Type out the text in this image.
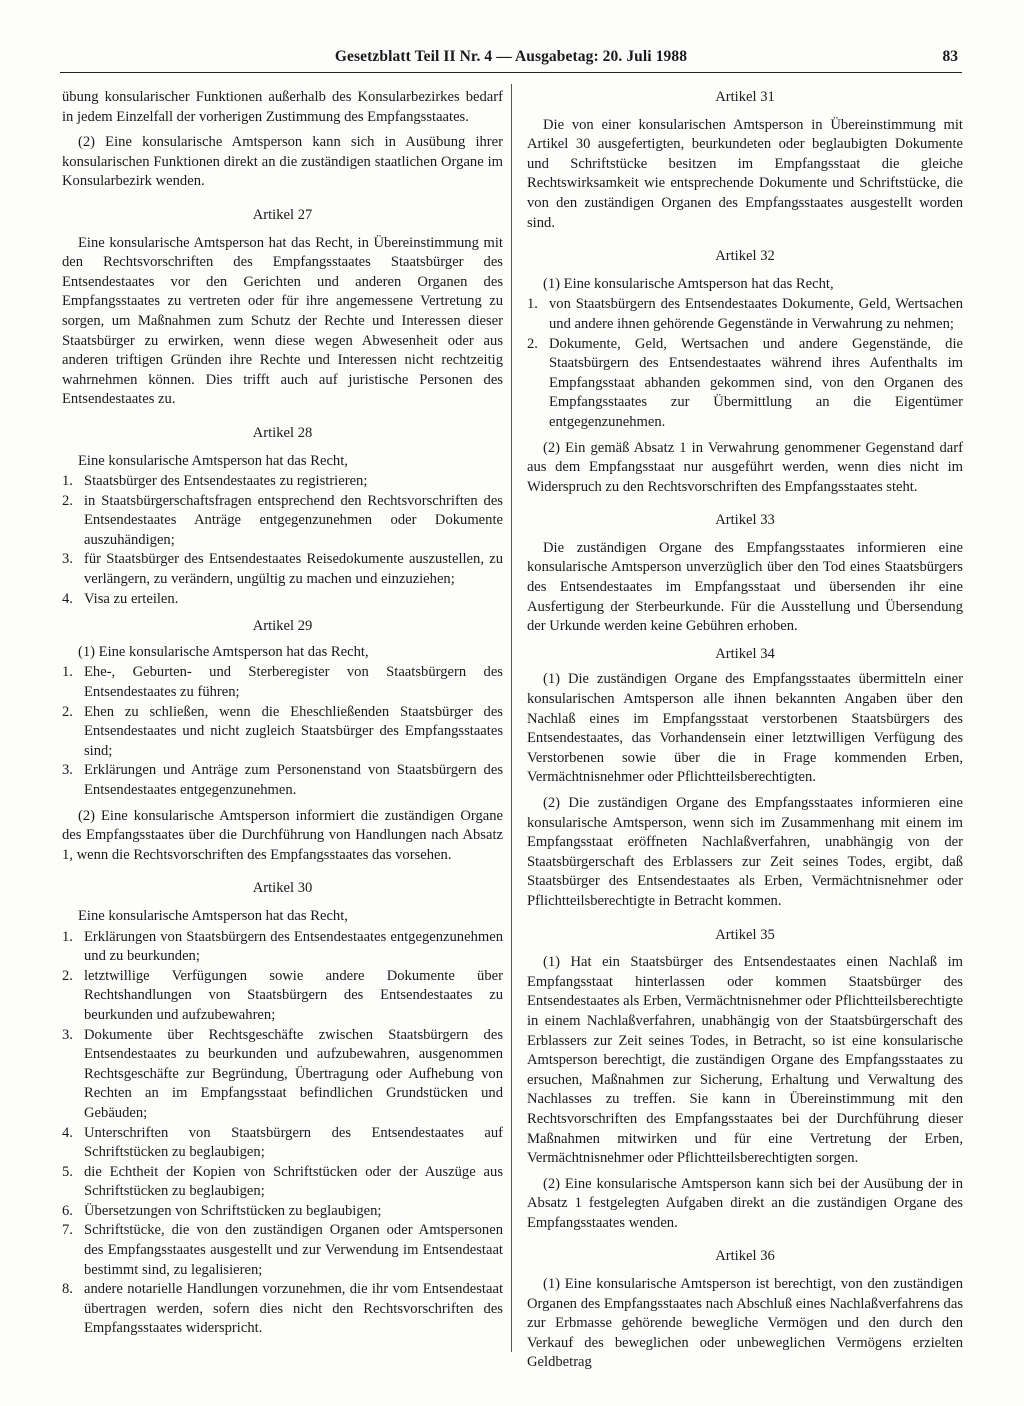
Gesetzblatt Teil II Nr. 4 — Ausgabetag: 20. Juli 1988	83

übung konsularischer Funktionen außerhalb des Konsularbezirkes bedarf in jedem Einzelfall der vorherigen Zustimmung des Empfangsstaates.

(2) Eine konsularische Amtsperson kann sich in Ausübung ihrer konsularischen Funktionen direkt an die zuständigen staatlichen Organe im Konsularbezirk wenden.

Artikel 27

Eine konsularische Amtsperson hat das Recht, in Übereinstimmung mit den Rechtsvorschriften des Empfangsstaates Staatsbürger des Entsendestaates vor den Gerichten und anderen Organen des Empfangsstaates zu vertreten oder für ihre angemessene Vertretung zu sorgen, um Maßnahmen zum Schutz der Rechte und Interessen dieser Staatsbürger zu erwirken, wenn diese wegen Abwesenheit oder aus anderen triftigen Gründen ihre Rechte und Interessen nicht rechtzeitig wahrnehmen können. Dies trifft auch auf juristische Personen des Entsendestaates zu.

Artikel 28

Eine konsularische Amtsperson hat das Recht,

1. Staatsbürger des Entsendestaates zu registrieren;
2. in Staatsbürgerschaftsfragen entsprechend den Rechtsvorschriften des Entsendestaates Anträge entgegenzunehmen oder Dokumente auszuhändigen;
3. für Staatsbürger des Entsendestaates Reisedokumente auszustellen, zu verlängern, zu verändern, ungültig zu machen und einzuziehen;
4. Visa zu erteilen.

Artikel 29

(1) Eine konsularische Amtsperson hat das Recht,

1. Ehe-, Geburten- und Sterberegister von Staatsbürgern des Entsendestaates zu führen;
2. Ehen zu schließen, wenn die Eheschließenden Staatsbürger des Entsendestaates und nicht zugleich Staatsbürger des Empfangsstaates sind;
3. Erklärungen und Anträge zum Personenstand von Staatsbürgern des Entsendestaates entgegenzunehmen.

(2) Eine konsularische Amtsperson informiert die zuständigen Organe des Empfangsstaates über die Durchführung von Handlungen nach Absatz 1, wenn die Rechtsvorschriften des Empfangsstaates das vorsehen.

Artikel 30

Eine konsularische Amtsperson hat das Recht,

1. Erklärungen von Staatsbürgern des Entsendestaates entgegenzunehmen und zu beurkunden;
2. letztwillige Verfügungen sowie andere Dokumente über Rechtshandlungen von Staatsbürgern des Entsendestaates zu beurkunden und aufzubewahren;
3. Dokumente über Rechtsgeschäfte zwischen Staatsbürgern des Entsendestaates zu beurkunden und aufzubewahren, ausgenommen Rechtsgeschäfte zur Begründung, Übertragung oder Aufhebung von Rechten an im Empfangsstaat befindlichen Grundstücken und Gebäuden;
4. Unterschriften von Staatsbürgern des Entsendestaates auf Schriftstücken zu beglaubigen;
5. die Echtheit der Kopien von Schriftstücken oder der Auszüge aus Schriftstücken zu beglaubigen;
6. Übersetzungen von Schriftstücken zu beglaubigen;
7. Schriftstücke, die von den zuständigen Organen oder Amtspersonen des Empfangsstaates ausgestellt und zur Verwendung im Entsendestaat bestimmt sind, zu legalisieren;
8. andere notarielle Handlungen vorzunehmen, die ihr vom Entsendestaat übertragen werden, sofern dies nicht den Rechtsvorschriften des Empfangsstaates widerspricht.

Artikel 31

Die von einer konsularischen Amtsperson in Übereinstimmung mit Artikel 30 ausgefertigten, beurkundeten oder beglaubigten Dokumente und Schriftstücke besitzen im Empfangsstaat die gleiche Rechtswirksamkeit wie entsprechende Dokumente und Schriftstücke, die von den zuständigen Organen des Empfangsstaates ausgestellt worden sind.

Artikel 32

(1) Eine konsularische Amtsperson hat das Recht,

1. von Staatsbürgern des Entsendestaates Dokumente, Geld, Wertsachen und andere ihnen gehörende Gegenstände in Verwahrung zu nehmen;
2. Dokumente, Geld, Wertsachen und andere Gegenstände, die Staatsbürgern des Entsendestaates während ihres Aufenthalts im Empfangsstaat abhanden gekommen sind, von den Organen des Empfangsstaates zur Übermittlung an die Eigentümer entgegenzunehmen.

(2) Ein gemäß Absatz 1 in Verwahrung genommener Gegenstand darf aus dem Empfangsstaat nur ausgeführt werden, wenn dies nicht im Widerspruch zu den Rechtsvorschriften des Empfangsstaates steht.

Artikel 33

Die zuständigen Organe des Empfangsstaates informieren eine konsularische Amtsperson unverzüglich über den Tod eines Staatsbürgers des Entsendestaates im Empfangsstaat und übersenden ihr eine Ausfertigung der Sterbeurkunde. Für die Ausstellung und Übersendung der Urkunde werden keine Gebühren erhoben.

Artikel 34

(1) Die zuständigen Organe des Empfangsstaates übermitteln einer konsularischen Amtsperson alle ihnen bekannten Angaben über den Nachlaß eines im Empfangsstaat verstorbenen Staatsbürgers des Entsendestaates, das Vorhandensein einer letztwilligen Verfügung des Verstorbenen sowie über die in Frage kommenden Erben, Vermächtnisnehmer oder Pflichtteilsberechtigten.

(2) Die zuständigen Organe des Empfangsstaates informieren eine konsularische Amtsperson, wenn sich im Zusammenhang mit einem im Empfangsstaat eröffneten Nachlaßverfahren, unabhängig von der Staatsbürgerschaft des Erblassers zur Zeit seines Todes, ergibt, daß Staatsbürger des Entsendestaates als Erben, Vermächtnisnehmer oder Pflichtteilsberechtigte in Betracht kommen.

Artikel 35

(1) Hat ein Staatsbürger des Entsendestaates einen Nachlaß im Empfangsstaat hinterlassen oder kommen Staatsbürger des Entsendestaates als Erben, Vermächtnisnehmer oder Pflichtteilsberechtigte in einem Nachlaßverfahren, unabhängig von der Staatsbürgerschaft des Erblassers zur Zeit seines Todes, in Betracht, so ist eine konsularische Amtsperson berechtigt, die zuständigen Organe des Empfangsstaates zu ersuchen, Maßnahmen zur Sicherung, Erhaltung und Verwaltung des Nachlasses zu treffen. Sie kann in Übereinstimmung mit den Rechtsvorschriften des Empfangsstaates bei der Durchführung dieser Maßnahmen mitwirken und für eine Vertretung der Erben, Vermächtnisnehmer oder Pflichtteilsberechtigten sorgen.

(2) Eine konsularische Amtsperson kann sich bei der Ausübung der in Absatz 1 festgelegten Aufgaben direkt an die zuständigen Organe des Empfangsstaates wenden.

Artikel 36

(1) Eine konsularische Amtsperson ist berechtigt, von den zuständigen Organen des Empfangsstaates nach Abschluß eines Nachlaßverfahrens das zur Erbmasse gehörende bewegliche Vermögen und den durch den Verkauf des beweglichen oder unbeweglichen Vermögens erzielten Geldbetrag
